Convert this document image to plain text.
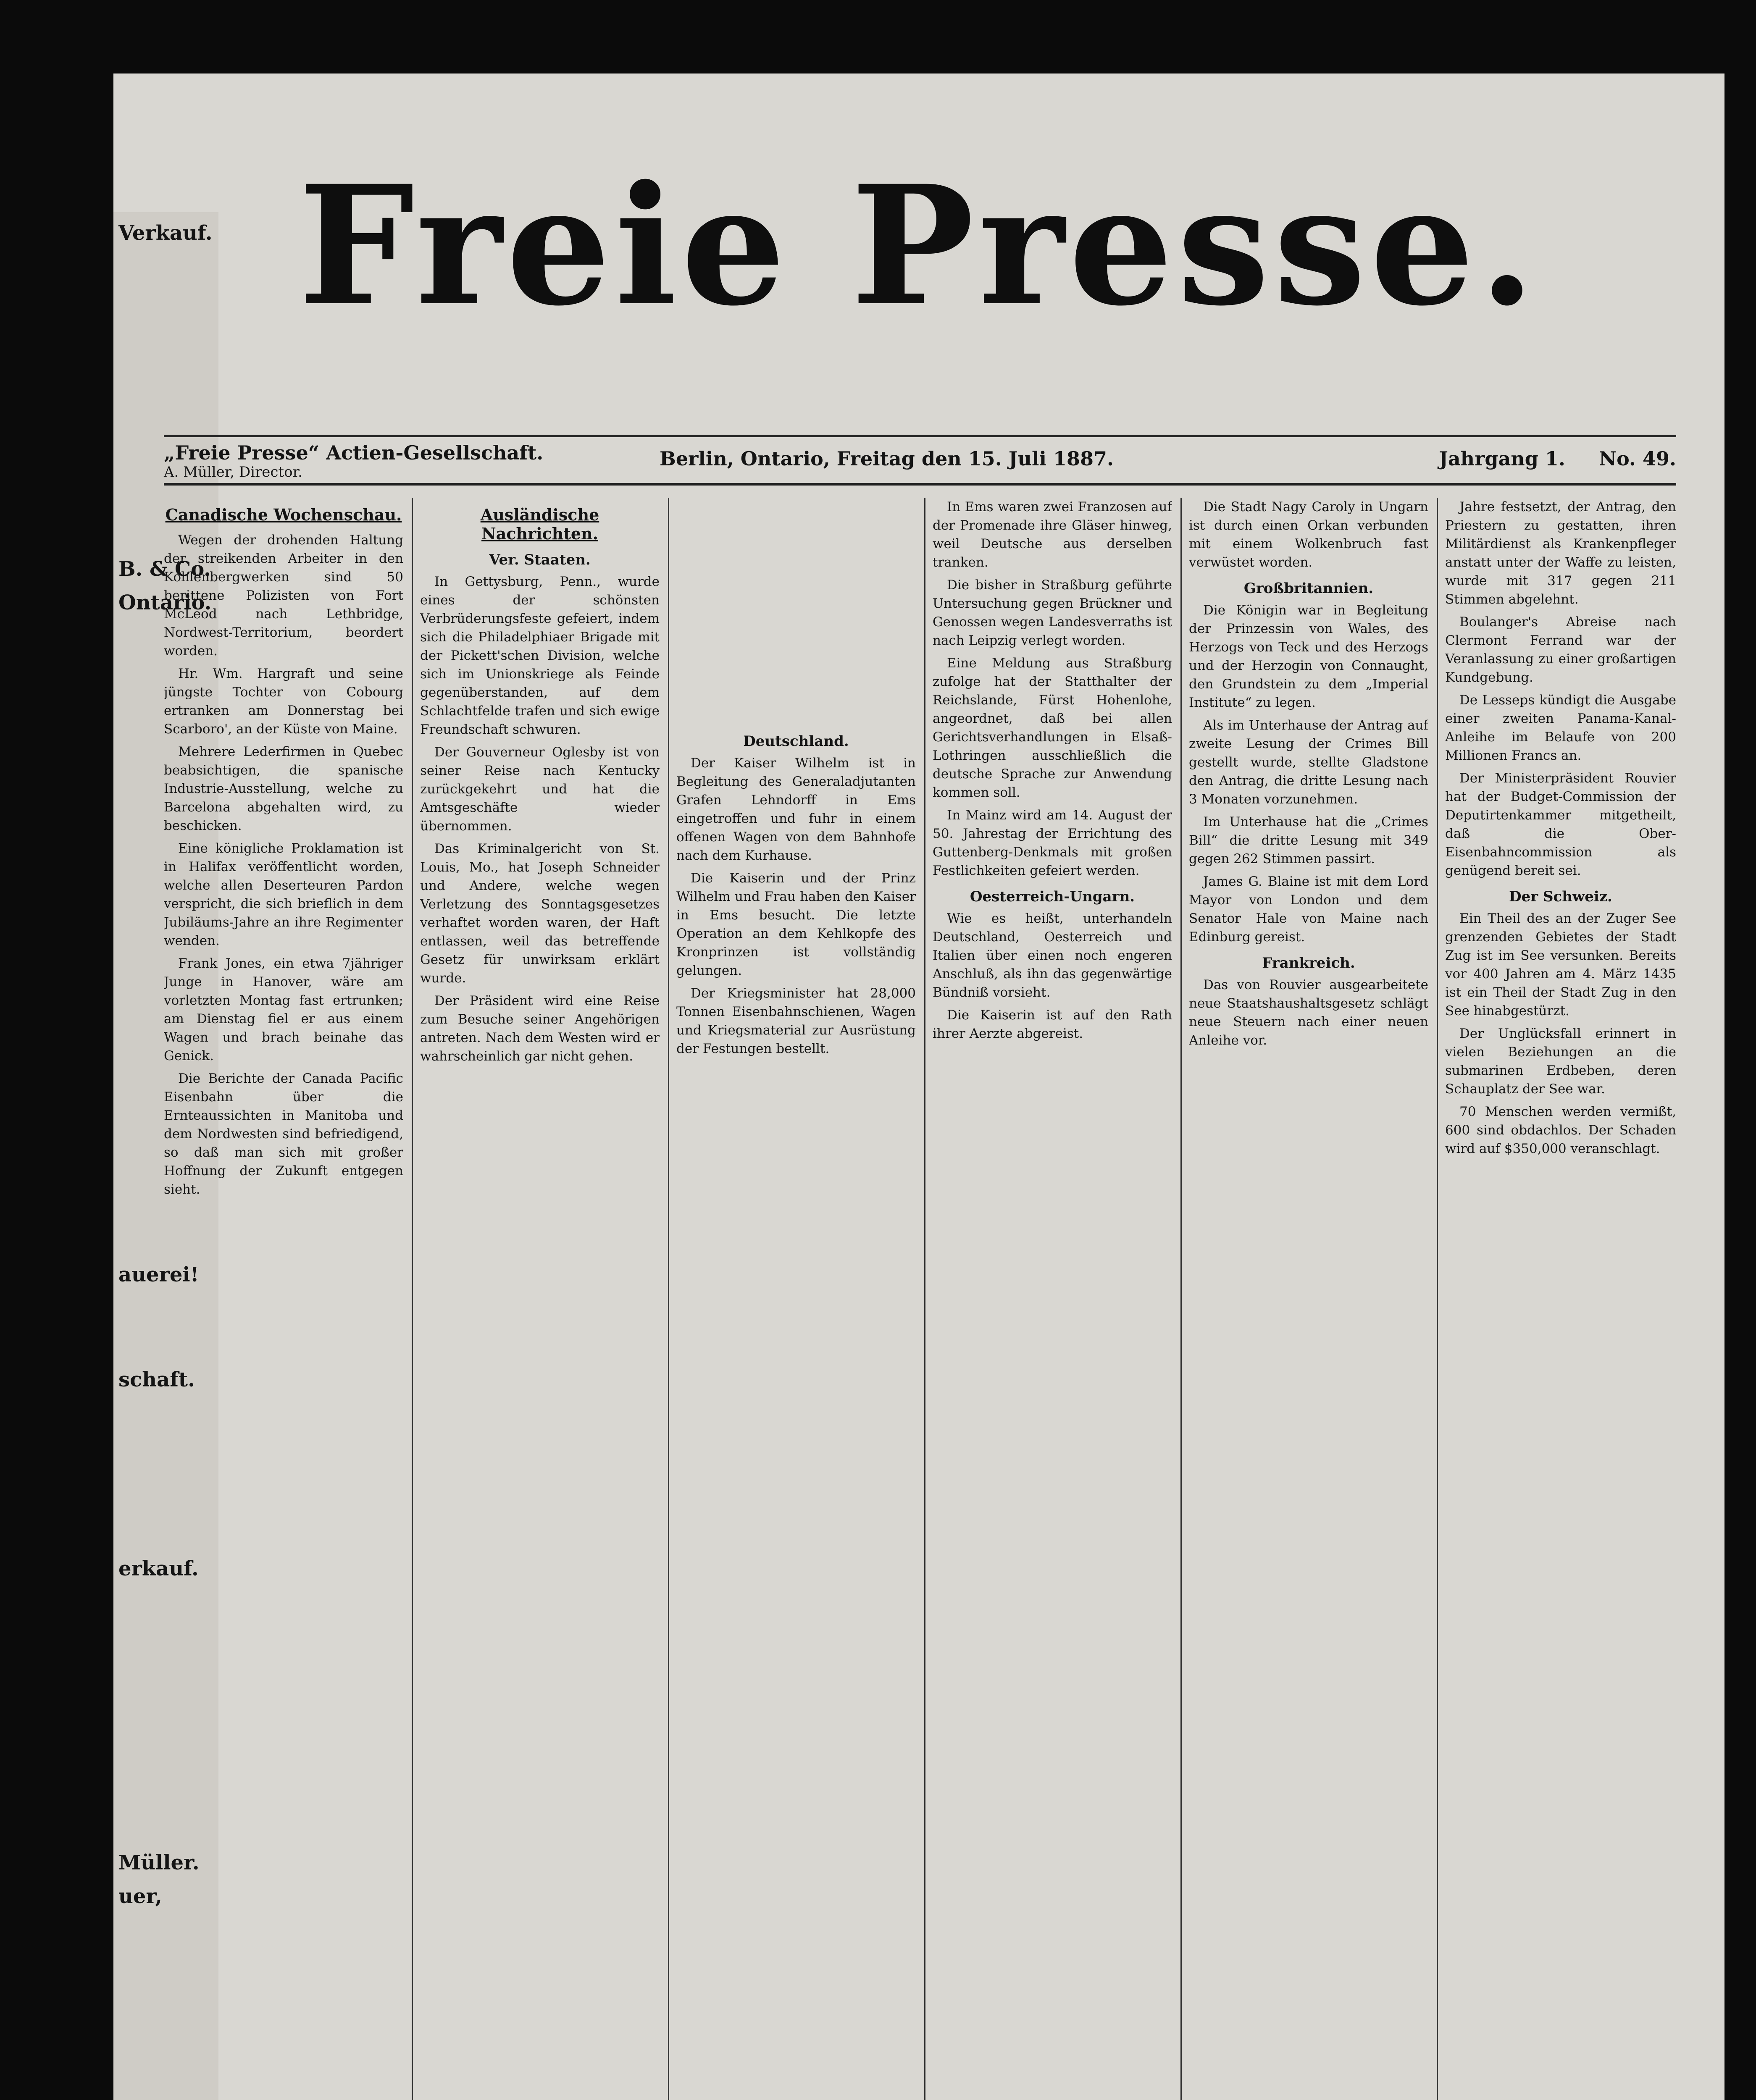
Verkauf.
B. & Co.
Ontario.
auerei!
schaft.
erkauf.
Müller.
uer,
Freie Presse.
„Freie Presse“ Actien-Gesellschaft.
A. Müller, Director.
Berlin, Ontario, Freitag den 15. Juli 1887.	Jahrgang 1. No. 49.
Canadische Wochenschau.

Wegen der drohenden Haltung der streikenden Arbeiter in den Kohlenbergwerken sind 50 berittene Polizisten von Fort McLeod nach Lethbridge, Nordwest-Territorium, beordert worden.

Hr. Wm. Hargraft und seine jüngste Tochter von Cobourg ertranken am Donnerstag bei Scarboro', an der Küste von Maine.

Mehrere Lederfirmen in Quebec beabsichtigen, die spanische Industrie-Ausstellung, welche zu Barcelona abgehalten wird, zu beschicken.

Eine königliche Proklamation ist in Halifax veröffentlicht worden, welche allen Deserteuren Pardon verspricht, die sich brieflich in dem Jubiläums-Jahre an ihre Regimenter wenden.

Frank Jones, ein etwa 7jähriger Junge in Hanover, wäre am vorletzten Montag fast ertrunken; am Dienstag fiel er aus einem Wagen und brach beinahe das Genick.

Die Berichte der Canada Pacific Eisenbahn über die Ernteaussichten in Manitoba und dem Nordwesten sind befriedigend, so daß man sich mit großer Hoffnung der Zukunft entgegen sieht.

Ausländische Nachrichten.
Ver. Staaten.

In Gettysburg, Penn., wurde eines der schönsten Verbrüderungsfeste gefeiert, indem sich die Philadelphiaer Brigade mit der Pickett'schen Division, welche sich im Unionskriege als Feinde gegenüberstanden, auf dem Schlachtfelde trafen und sich ewige Freundschaft schwuren.

Der Gouverneur Oglesby ist von seiner Reise nach Kentucky zurückgekehrt und hat die Amtsgeschäfte wieder übernommen.

Das Kriminalgericht von St. Louis, Mo., hat Joseph Schneider und Andere, welche wegen Verletzung des Sonntagsgesetzes verhaftet worden waren, der Haft entlassen, weil das betreffende Gesetz für unwirksam erklärt wurde.

Der Präsident wird eine Reise zum Besuche seiner Angehörigen antreten. Nach dem Westen wird er wahrscheinlich gar nicht gehen.

Deutschland.

Der Kaiser Wilhelm ist in Begleitung des Generaladjutanten Grafen Lehndorff in Ems eingetroffen und fuhr in einem offenen Wagen von dem Bahnhofe nach dem Kurhause.

Die Kaiserin und der Prinz Wilhelm und Frau haben den Kaiser in Ems besucht. Die letzte Operation an dem Kehlkopfe des Kronprinzen ist vollständig gelungen.

Der Kriegsminister hat 28,000 Tonnen Eisenbahnschienen, Wagen und Kriegsmaterial zur Ausrüstung der Festungen bestellt.

In Ems waren zwei Franzosen auf der Promenade ihre Gläser hinweg, weil Deutsche aus derselben tranken.

Die bisher in Straßburg geführte Untersuchung gegen Brückner und Genossen wegen Landesverraths ist nach Leipzig verlegt worden.

Eine Meldung aus Straßburg zufolge hat der Statthalter der Reichslande, Fürst Hohenlohe, angeordnet, daß bei allen Gerichtsverhandlungen in Elsaß-Lothringen ausschließlich die deutsche Sprache zur Anwendung kommen soll.

In Mainz wird am 14. August der 50. Jahrestag der Errichtung des Guttenberg-Denkmals mit großen Festlichkeiten gefeiert werden.

Oesterreich-Ungarn.

Wie es heißt, unterhandeln Deutschland, Oesterreich und Italien über einen noch engeren Anschluß, als ihn das gegenwärtige Bündniß vorsieht.

Die Kaiserin ist auf den Rath ihrer Aerzte abgereist.

Die Stadt Nagy Caroly in Ungarn ist durch einen Orkan verbunden mit einem Wolkenbruch fast verwüstet worden.

Großbritannien.

Die Königin war in Begleitung der Prinzessin von Wales, des Herzogs von Teck und des Herzogs und der Herzogin von Connaught, den Grundstein zu dem „Imperial Institute“ zu legen.

Als im Unterhause der Antrag auf zweite Lesung der Crimes Bill gestellt wurde, stellte Gladstone den Antrag, die dritte Lesung nach 3 Monaten vorzunehmen.

Im Unterhause hat die „Crimes Bill“ die dritte Lesung mit 349 gegen 262 Stimmen passirt.

James G. Blaine ist mit dem Lord Mayor von London und dem Senator Hale von Maine nach Edinburg gereist.

Frankreich.

Das von Rouvier ausgearbeitete neue Staatshaushaltsgesetz schlägt neue Steuern nach einer neuen Anleihe vor.

Jahre festsetzt, der Antrag, den Priestern zu gestatten, ihren Militärdienst als Krankenpfleger anstatt unter der Waffe zu leisten, wurde mit 317 gegen 211 Stimmen abgelehnt.

Boulanger's Abreise nach Clermont Ferrand war der Veranlassung zu einer großartigen Kundgebung.

De Lesseps kündigt die Ausgabe einer zweiten Panama-Kanal-Anleihe im Belaufe von 200 Millionen Francs an.

Der Ministerpräsident Rouvier hat der Budget-Commission der Deputirtenkammer mitgetheilt, daß die Ober-Eisenbahncommission als genügend bereit sei.

Der Schweiz.

Ein Theil des an der Zuger See grenzenden Gebietes der Stadt Zug ist im See versunken. Bereits vor 400 Jahren am 4. März 1435 ist ein Theil der Stadt Zug in den See hinabgestürzt.

Der Unglücksfall erinnert in vielen Beziehungen an die submarinen Erdbeben, deren Schauplatz der See war.

70 Menschen werden vermißt, 600 sind obdachlos. Der Schaden wird auf $350,000 veranschlagt.
